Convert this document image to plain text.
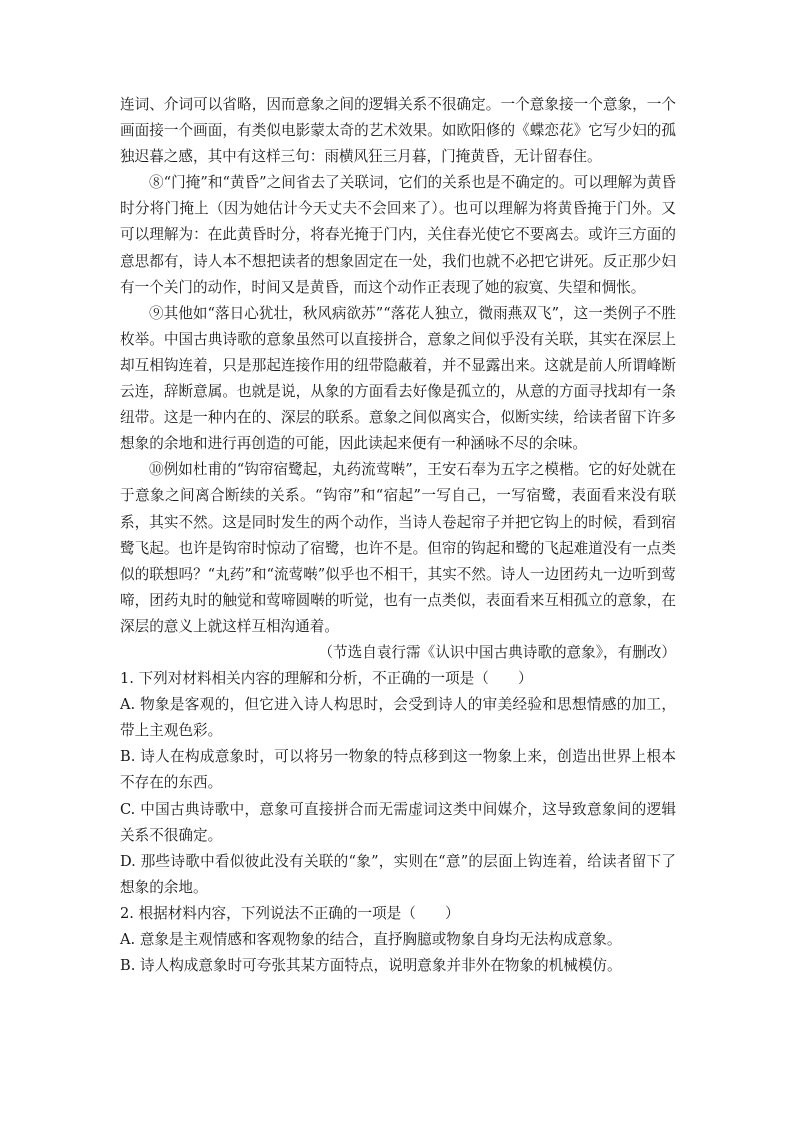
连词、介词可以省略，因而意象之间的逻辑关系不很确定。一个意象接一个意象，一个画面接一个画面，有类似电影蒙太奇的艺术效果。如欧阳修的《蝶恋花》它写少妇的孤独迟暮之感，其中有这样三句：雨横风狂三月暮，门掩黄昏，无计留春住。

⑧“门掩”和“黄昏”之间省去了关联词，它们的关系也是不确定的。可以理解为黄昏时分将门掩上（因为她估计今天丈夫不会回来了）。也可以理解为将黄昏掩于门外。又可以理解为：在此黄昏时分，将春光掩于门内，关住春光使它不要离去。或许三方面的意思都有，诗人本不想把读者的想象固定在一处，我们也就不必把它讲死。反正那少妇有一个关门的动作，时间又是黄昏，而这个动作正表现了她的寂寞、失望和惆怅。

⑨其他如“落日心犹壮，秋风病欲苏”“落花人独立，微雨燕双飞”，这一类例子不胜枚举。中国古典诗歌的意象虽然可以直接拼合，意象之间似乎没有关联，其实在深层上却互相钩连着，只是那起连接作用的纽带隐蔽着，并不显露出来。这就是前人所谓峰断云连，辞断意属。也就是说，从象的方面看去好像是孤立的，从意的方面寻找却有一条纽带。这是一种内在的、深层的联系。意象之间似离实合，似断实续，给读者留下许多想象的余地和进行再创造的可能，因此读起来便有一种涵咏不尽的余味。

⑩例如杜甫的“钩帘宿鹭起，丸药流莺啭”，王安石奉为五字之模楷。它的好处就在于意象之间离合断续的关系。“钩帘”和“宿起”一写自己，一写宿鹭，表面看来没有联系，其实不然。这是同时发生的两个动作，当诗人卷起帘子并把它钩上的时候，看到宿鹭飞起。也许是钩帘时惊动了宿鹭，也许不是。但帘的钩起和鹭的飞起难道没有一点类似的联想吗？“丸药”和“流莺啭”似乎也不相干，其实不然。诗人一边团药丸一边听到莺啼，团药丸时的触觉和莺啼圆啭的听觉，也有一点类似，表面看来互相孤立的意象，在深层的意义上就这样互相沟通着。

（节选自袁行霈《认识中国古典诗歌的意象》，有删改）

1. 下列对材料相关内容的理解和分析，不正确的一项是（　　）

A. 物象是客观的，但它进入诗人构思时，会受到诗人的审美经验和思想情感的加工，带上主观色彩。

B. 诗人在构成意象时，可以将另一物象的特点移到这一物象上来，创造出世界上根本不存在的东西。

C. 中国古典诗歌中，意象可直接拼合而无需虚词这类中间媒介，这导致意象间的逻辑关系不很确定。

D. 那些诗歌中看似彼此没有关联的“象”，实则在“意”的层面上钩连着，给读者留下了想象的余地。

2. 根据材料内容，下列说法不正确的一项是（　　）

A. 意象是主观情感和客观物象的结合，直抒胸臆或物象自身均无法构成意象。

B. 诗人构成意象时可夸张其某方面特点，说明意象并非外在物象的机械模仿。
